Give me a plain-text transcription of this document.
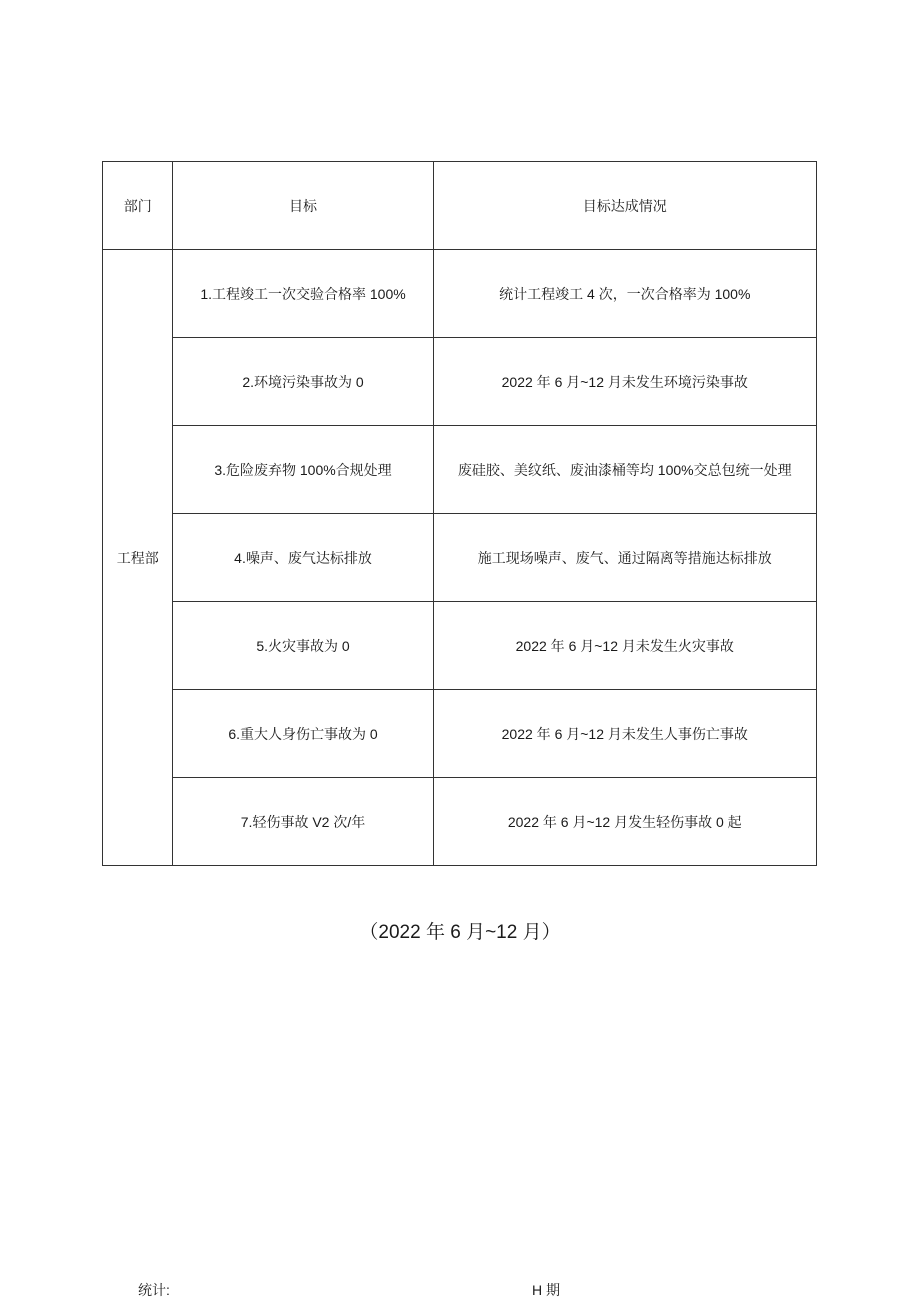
部门	目标	目标达成情况
工程部	1.工程竣工一次交验合格率 100%	统计工程竣工 4 次，一次合格率为 100%
	2.环境污染事故为 0	2022 年 6 月~12 月未发生环境污染事故
	3.危险废弃物 100%合规处理	废硅胶、美纹纸、废油漆桶等均 100%交总包统一处理
	4.噪声、废气达标排放	施工现场噪声、废气、通过隔离等措施达标排放
	5.火灾事故为 0	2022 年 6 月~12 月未发生火灾事故
	6.重大人身伤亡事故为 0	2022 年 6 月~12 月未发生人事伤亡事故
	7.轻伤事故 V2 次/年	2022 年 6 月~12 月发生轻伤事故 0 起
（2022 年 6 月~12 月）
统计:	H 期
